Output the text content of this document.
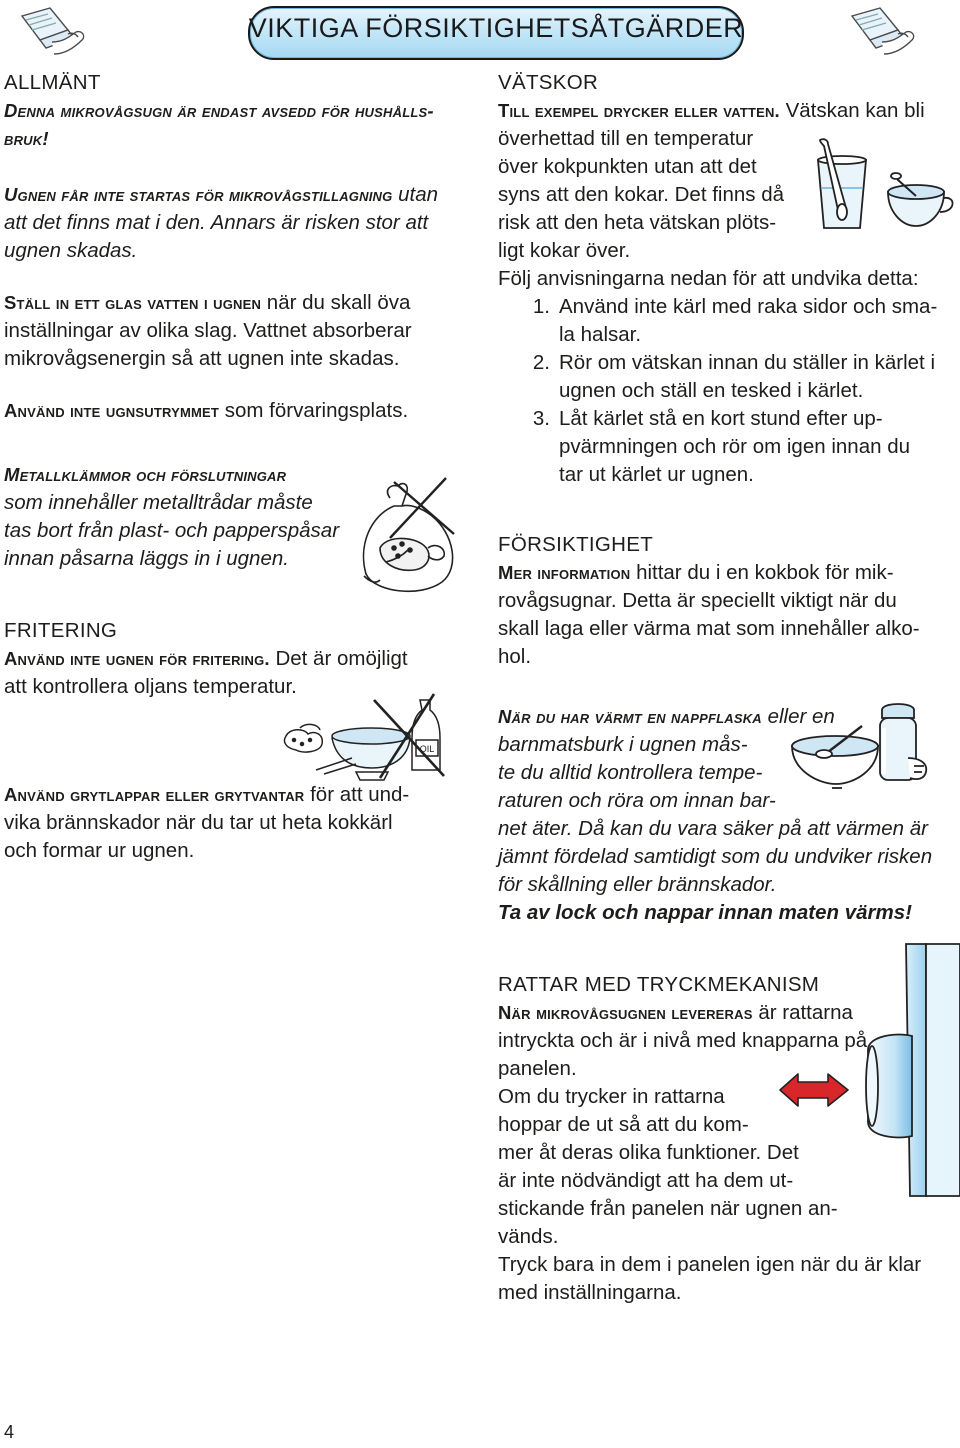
VIKTIGA FÖRSIKTIGHETSÅTGÄRDER
ALLMÄNT

Denna mikrovågsugn är endast avsedd för hushålls-
bruk!

Ugnen får inte startas för mikrovågstillagning utan
att det finns mat i den. Annars är risken stor att
ugnen skadas.

Ställ in ett glas vatten i ugnen när du skall öva
inställningar av olika slag. Vattnet absorberar
mikrovågsenergin så att ugnen inte skadas.

Använd inte ugnsutrymmet som förvaringsplats.

Metallklämmor och förslutningar
som innehåller metalltrådar måste
tas bort från plast- och papperspåsar
innan påsarna läggs in i ugnen.

FRITERING

Använd inte ugnen för fritering. Det är omöjligt
att kontrollera oljans temperatur.

Använd grytlappar eller grytvantar för att und-
vika brännskador när du tar ut heta kokkärl
och formar ur ugnen.

OIL
VÄTSKOR

Till exempel drycker eller vatten. Vätskan kan bli
överhettad till en temperatur
över kokpunkten utan att det
syns att den kokar. Det finns då
risk att den heta vätskan plöts-
ligt kokar över.
Följ anvisningarna nedan för att undvika detta:

1. Använd inte kärl med raka sidor och sma-
la halsar.
2. Rör om vätskan innan du ställer in kärlet i
ugnen och ställ en tesked i kärlet.
3. Låt kärlet stå en kort stund efter up-
pvärmningen och rör om igen innan du
tar ut kärlet ur ugnen.
FÖRSIKTIGHET

Mer information hittar du i en kokbok för mik-
rovågsugnar. Detta är speciellt viktigt när du
skall laga eller värma mat som innehåller alko-
hol.

När du har värmt en nappflaska eller en
barnmatsburk i ugnen mås-
te du alltid kontrollera tempe-
raturen och röra om innan bar-
net äter. Då kan du vara säker på att värmen är
jämnt fördelad samtidigt som du undviker risken
för skållning eller brännskador.
Ta av lock och nappar innan maten värms!

RATTAR MED TRYCKMEKANISM

När mikrovågsugnen levereras är rattarna
intryckta och är i nivå med knapparna på
panelen.
Om du trycker in rattarna
hoppar de ut så att du kom-
mer åt deras olika funktioner. Det
är inte nödvändigt att ha dem ut-
stickande från panelen när ugnen an-
vänds.
Tryck bara in dem i panelen igen när du är klar
med inställningarna.

4
